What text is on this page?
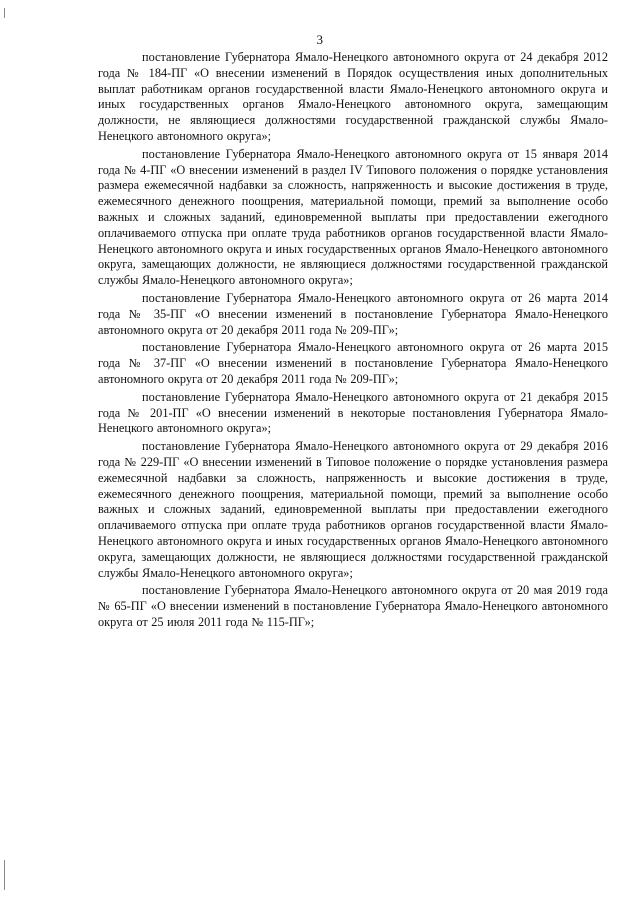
3

постановление Губернатора Ямало-Ненецкого автономного округа от 24 декабря 2012 года № 184-ПГ «О внесении изменений в Порядок осуществления иных дополнительных выплат работникам органов государственной власти Ямало-Ненецкого автономного округа и иных государственных органов Ямало-Ненецкого автономного округа, замещающим должности, не являющиеся должностями государственной гражданской службы Ямало-Ненецкого автономного округа»;

постановление Губернатора Ямало-Ненецкого автономного округа от 15 января 2014 года № 4-ПГ «О внесении изменений в раздел IV Типового положения о порядке установления размера ежемесячной надбавки за сложность, напряженность и высокие достижения в труде, ежемесячного денежного поощрения, материальной помощи, премий за выполнение особо важных и сложных заданий, единовременной выплаты при предоставлении ежегодного оплачиваемого отпуска при оплате труда работников органов государственной власти Ямало-Ненецкого автономного округа и иных государственных органов Ямало-Ненецкого автономного округа, замещающих должности, не являющиеся должностями государственной гражданской службы Ямало-Ненецкого автономного округа»;

постановление Губернатора Ямало-Ненецкого автономного округа от 26 марта 2014 года № 35-ПГ «О внесении изменений в постановление Губернатора Ямало-Ненецкого автономного округа от 20 декабря 2011 года № 209-ПГ»;

постановление Губернатора Ямало-Ненецкого автономного округа от 26 марта 2015 года № 37-ПГ «О внесении изменений в постановление Губернатора Ямало-Ненецкого автономного округа от 20 декабря 2011 года № 209-ПГ»;

постановление Губернатора Ямало-Ненецкого автономного округа от 21 декабря 2015 года № 201-ПГ «О внесении изменений в некоторые постановления Губернатора Ямало-Ненецкого автономного округа»;

постановление Губернатора Ямало-Ненецкого автономного округа от 29 декабря 2016 года № 229-ПГ «О внесении изменений в Типовое положение о порядке установления размера ежемесячной надбавки за сложность, напряженность и высокие достижения в труде, ежемесячного денежного поощрения, материальной помощи, премий за выполнение особо важных и сложных заданий, единовременной выплаты при предоставлении ежегодного оплачиваемого отпуска при оплате труда работников органов государственной власти Ямало-Ненецкого автономного округа и иных государственных органов Ямало-Ненецкого автономного округа, замещающих должности, не являющиеся должностями государственной гражданской службы Ямало-Ненецкого автономного округа»;

постановление Губернатора Ямало-Ненецкого автономного округа от 20 мая 2019 года № 65-ПГ «О внесении изменений в постановление Губернатора Ямало-Ненецкого автономного округа от 25 июля 2011 года № 115-ПГ»;
